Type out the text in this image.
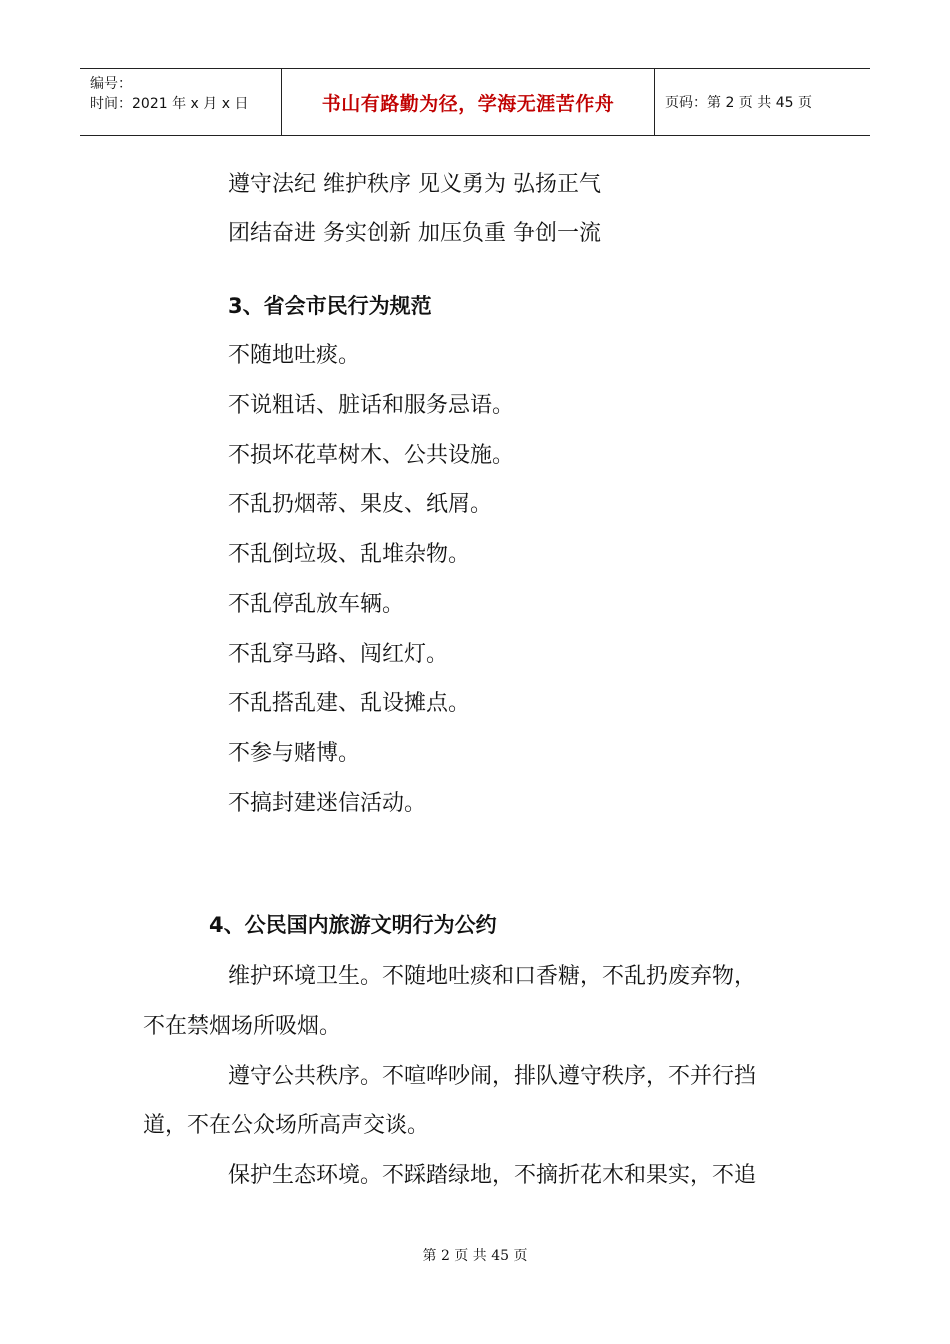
编号：
时间：2021 年 x 月 x 日	书山有路勤为径，学海无涯苦作舟	页码：第 2 页 共 45 页
遵守法纪 维护秩序 见义勇为 弘扬正气
团结奋进 务实创新 加压负重 争创一流
3、省会市民行为规范
不随地吐痰。
不说粗话、脏话和服务忌语。
不损坏花草树木、公共设施。
不乱扔烟蒂、果皮、纸屑。
不乱倒垃圾、乱堆杂物。
不乱停乱放车辆。
不乱穿马路、闯红灯。
不乱搭乱建、乱设摊点。
不参与赌博。
不搞封建迷信活动。
4、公民国内旅游文明行为公约
维护环境卫生。不随地吐痰和口香糖，不乱扔废弃物，
不在禁烟场所吸烟。
遵守公共秩序。不喧哗吵闹，排队遵守秩序，不并行挡
道，不在公众场所高声交谈。
保护生态环境。不踩踏绿地，不摘折花木和果实，不追
第 2 页 共 45 页
